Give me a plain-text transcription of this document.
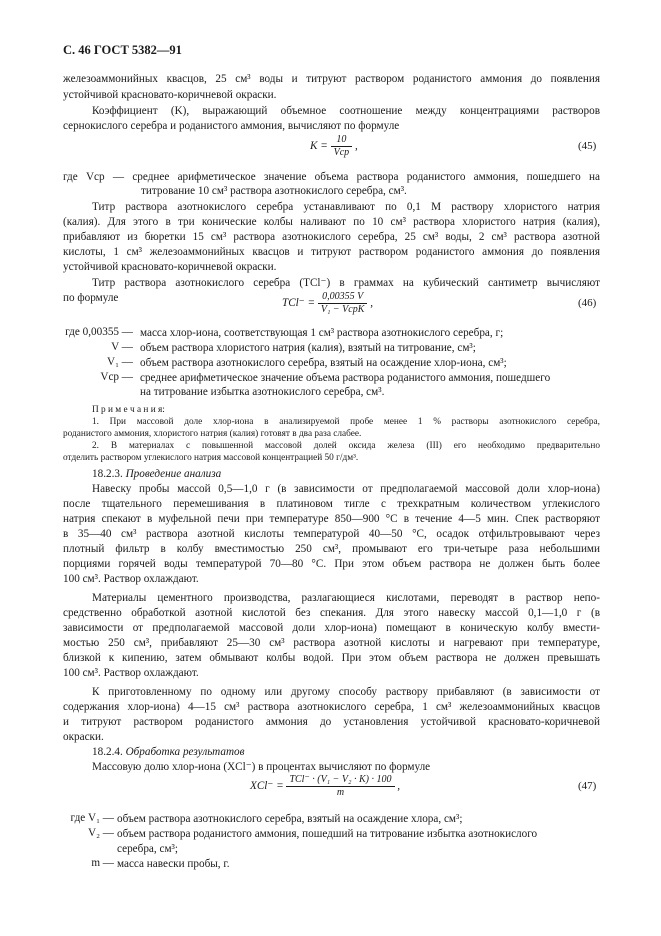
С. 46 ГОСТ 5382—91
железоаммонийных квасцов, 25 см³ воды и титруют раствором роданистого аммония до появления
устойчивой красновато-коричневой окраски.
Коэффициент (K), выражающий объемное соотношение между концентрациями растворов
сернокислого серебра и роданистого аммония, вычисляют по формуле
$K = \frac{10}{\text{Vср}}$ ,	(45)
где Vср — среднее арифметическое значение объема раствора роданистого аммония, пошедшего на
титрование 10 см³ раствора азотнокислого серебра, см³.
Титр раствора азотнокислого серебра устанавливают по 0,1 М раствору хлористого натрия
(калия). Для этого в три конические колбы наливают по 10 см³ раствора хлористого натрия (калия),
прибавляют из бюретки 15 см³ раствора азотнокислого серебра, 25 см³ воды, 2 см³ раствора азотной
кислоты, 1 см³ железоаммонийных квасцов и титруют раствором роданистого аммония до появления
устойчивой красновато-коричневой окраски.
Титр раствора азотнокислого серебра (TCl⁻) в граммах на кубический сантиметр вычисляют
по формуле	$TCl^- = \frac{0,00355 V}{\text{V₁ − VсрK}}$ ,	(46)
где 0,00355 — масса хлор-иона, соответствующая 1 см³ раствора азотнокислого серебра, г;
V — объем раствора хлористого натрия (калия), взятый на титрование, см³;
V₁ — объем раствора азотнокислого серебра, взятый на осаждение хлор-иона, см³;
Vср — среднее арифметическое значение объема раствора роданистого аммония, пошедшего
на титрование избытка азотнокислого серебра, см³.
П р и м е ч а н и я:
1. При массовой доле хлор-иона в анализируемой пробе менее 1 % растворы азотнокислого серебра,
роданистого аммония, хлористого натрия (калия) готовят в два раза слабее.
2. В материалах с повышенной массовой долей оксида железа (III) его необходимо предварительно
отделить раствором углекислого натрия массовой концентрацией 50 г/дм³.
18.2.3. Проведение анализа
Навеску пробы массой 0,5—1,0 г (в зависимости от предполагаемой массовой доли хлор-иона)
после тщательного перемешивания в платиновом тигле с трехкратным количеством углекислого
натрия спекают в муфельной печи при температуре 850—900 °С в течение 4—5 мин. Спек растворяют
в 35—40 см³ раствора азотной кислоты температурой 40—50 °С, осадок отфильтровывают через
плотный фильтр в колбу вместимостью 250 см³, промывают его три-четыре раза небольшими
порциями горячей воды температурой 70—80 °С. При этом объем раствора не должен быть более
100 см³. Раствор охлаждают.
Материалы цементного производства, разлагающиеся кислотами, переводят в раствор непо-
средственно обработкой азотной кислотой без спекания. Для этого навеску массой 0,1—1,0 г (в
зависимости от предполагаемой массовой доли хлор-иона) помещают в коническую колбу вмести-
мостью 250 см³, прибавляют 25—30 см³ раствора азотной кислоты и нагревают при температуре,
близкой к кипению, затем обмывают колбы водой. При этом объем раствора не должен превышать
100 см³. Раствор охлаждают.
К приготовленному по одному или другому способу раствору прибавляют (в зависимости от
содержания хлор-иона) 4—15 см³ раствора азотнокислого серебра, 1 см³ железоаммонийных квасцов
и титруют раствором роданистого аммония до установления устойчивой красновато-коричневой
окраски.
18.2.4. Обработка результатов
Массовую долю хлор-иона (XCl⁻) в процентах вычисляют по формуле
$XCl^- = \frac{\text{TCl⁻ · (V₁ − V₂ · K) · 100}}{m}$ ,	(47)
где V₁ — объем раствора азотнокислого серебра, взятый на осаждение хлора, см³;
V₂ — объем раствора роданистого аммония, пошедший на титрование избытка азотнокислого
серебра, см³;
m — масса навески пробы, г.
